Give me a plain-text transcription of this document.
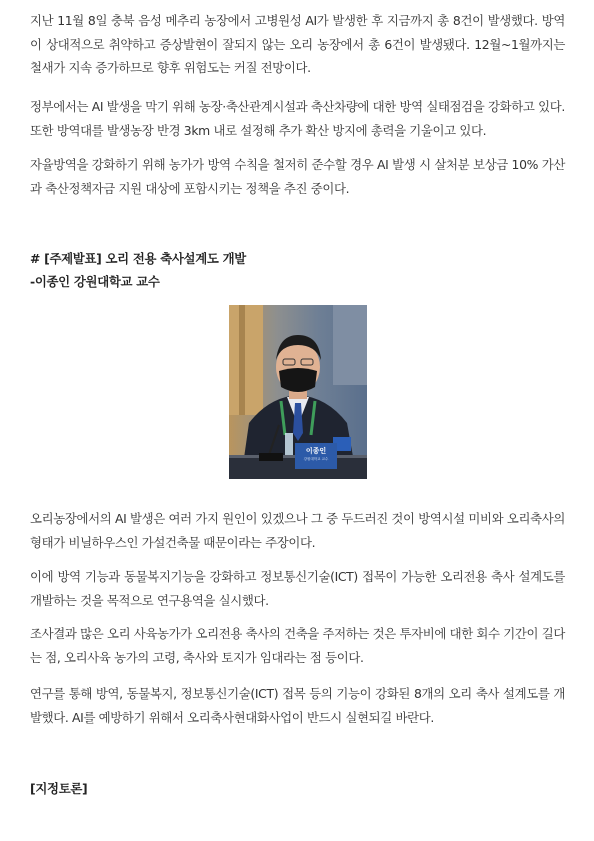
지난 11월 8일 충북 음성 메추리 농장에서 고병원성 AI가 발생한 후 지금까지 총 8건이 발생했다. 방역이 상대적으로 취약하고 증상발현이 잘되지 않는 오리 농장에서 총 6건이 발생됐다. 12월~1월까지는 철새가 지속 증가하므로 향후 위험도는 커질 전망이다.

정부에서는 AI 발생을 막기 위해 농장·축산관계시설과 축산차량에 대한 방역 실태점검을 강화하고 있다. 또한 방역대를 발생농장 반경 3km 내로 설정해 추가 확산 방지에 총력을 기울이고 있다.

자율방역을 강화하기 위해 농가가 방역 수칙을 철저히 준수할 경우 AI 발생 시 살처분 보상금 10% 가산과 축산정책자금 지원 대상에 포함시키는 정책을 추진 중이다.

# [주제발표] 오리 전용 축사설계도 개발

-이종인 강원대학교 교수

이종인
강원대학교 교수

오리농장에서의 AI 발생은 여러 가지 원인이 있겠으나 그 중 두드러진 것이 방역시설 미비와 오리축사의 형태가 비닐하우스인 가설건축물 때문이라는 주장이다.

이에 방역 기능과 동물복지기능을 강화하고 정보통신기술(ICT) 접목이 가능한 오리전용 축사 설계도를 개발하는 것을 목적으로 연구용역을 실시했다.

조사결과 많은 오리 사육농가가 오리전용 축사의 건축을 주저하는 것은 투자비에 대한 회수 기간이 길다는 점, 오리사육 농가의 고령, 축사와 토지가 임대라는 점 등이다.

연구를 통해 방역, 동물복지, 정보통신기술(ICT) 접목 등의 기능이 강화된 8개의 오리 축사 설계도를 개발했다. AI를 예방하기 위해서 오리축사현대화사업이 반드시 실현되길 바란다.

[지정토론]
